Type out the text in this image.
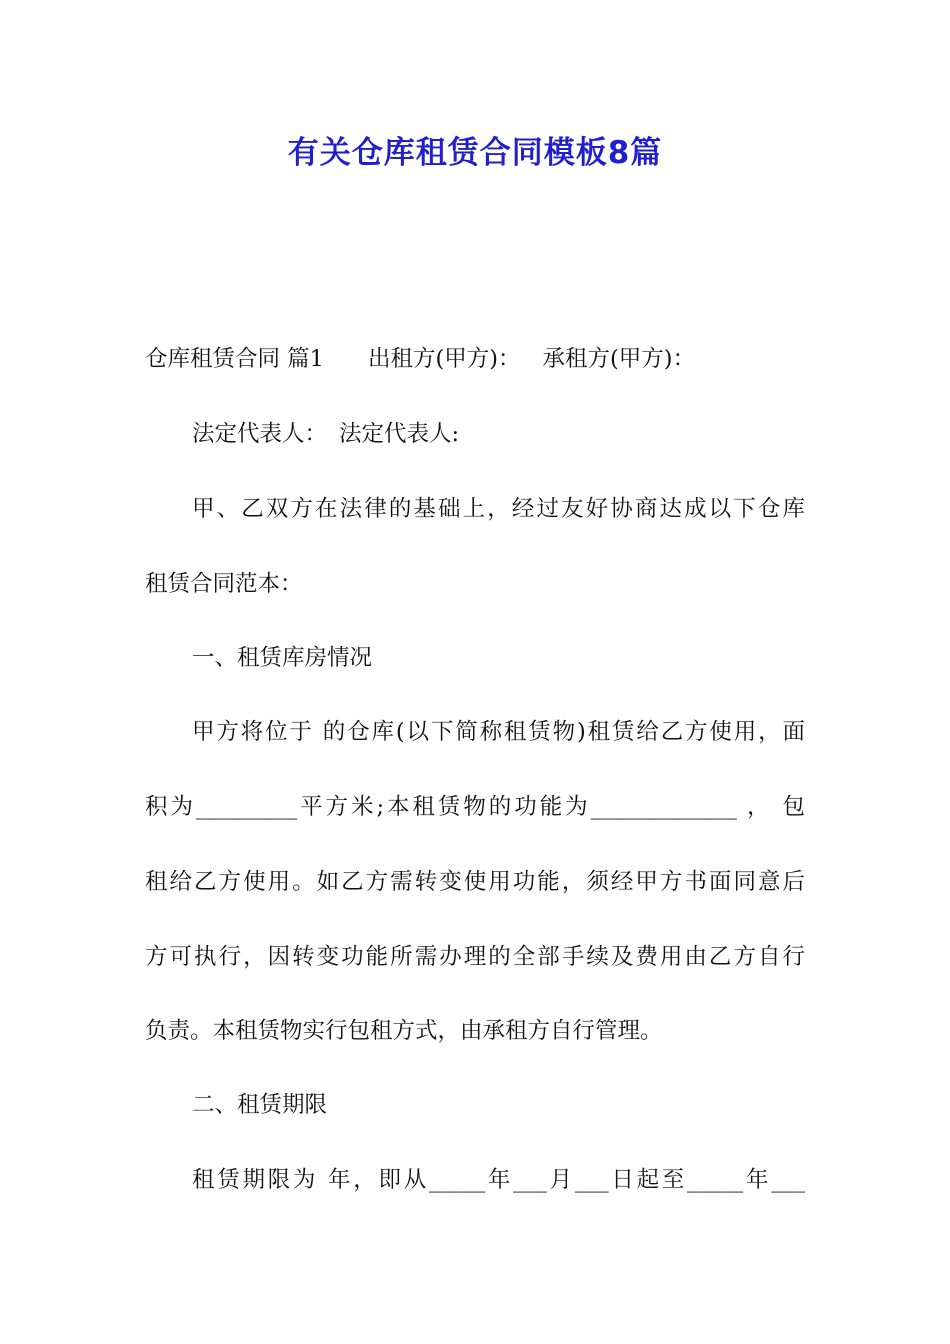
有关仓库租赁合同模板8篇
仓库租赁合同 篇1 出租方(甲方)： 承租方(甲方)：
法定代表人： 法定代表人:
甲、乙双方在法律的基础上，经过友好协商达成以下仓库
租赁合同范本：
一、租赁库房情况
甲方将位于 的仓库(以下简称租赁物)租赁给乙方使用，面
积为_________平方米;本租赁物的功能为_____________ ， 包
租给乙方使用。如乙方需转变使用功能，须经甲方书面同意后
方可执行，因转变功能所需办理的全部手续及费用由乙方自行
负责。本租赁物实行包租方式，由承租方自行管理。
二、租赁期限
租赁期限为 年，即从_____年___月___日起至_____年___
